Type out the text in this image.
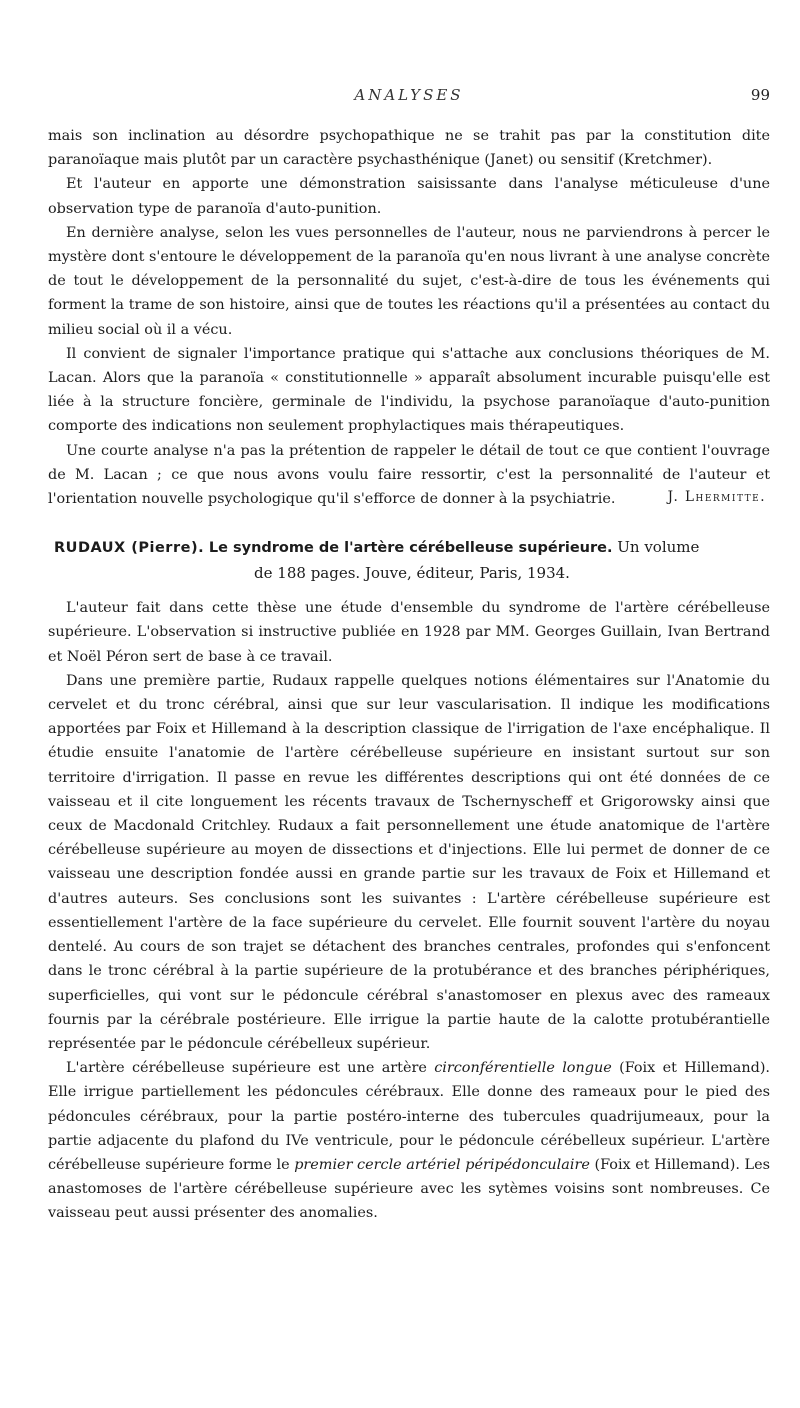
ANALYSES	99

mais son inclination au désordre psychopathique ne se trahit pas par la constitution dite paranoïaque mais plutôt par un caractère psychasthénique (Janet) ou sensitif (Kretchmer).

Et l'auteur en apporte une démonstration saisissante dans l'analyse méticuleuse d'une observation type de paranoïa d'auto-punition.

En dernière analyse, selon les vues personnelles de l'auteur, nous ne parviendrons à percer le mystère dont s'entoure le développement de la paranoïa qu'en nous livrant à une analyse concrète de tout le développement de la personnalité du sujet, c'est-à-dire de tous les événements qui forment la trame de son histoire, ainsi que de toutes les réactions qu'il a présentées au contact du milieu social où il a vécu.

Il convient de signaler l'importance pratique qui s'attache aux conclusions théoriques de M. Lacan. Alors que la paranoïa « constitutionnelle » apparaît absolument incurable puisqu'elle est liée à la structure foncière, germinale de l'individu, la psychose paranoïaque d'auto-punition comporte des indications non seulement prophylactiques mais thérapeutiques.

Une courte analyse n'a pas la prétention de rappeler le détail de tout ce que contient l'ouvrage de M. Lacan ; ce que nous avons voulu faire ressortir, c'est la personnalité de l'auteur et l'orientation nouvelle psychologique qu'il s'efforce de donner à la psychiatrie.	J. Lhermitte.

RUDAUX (Pierre). Le syndrome de l'artère cérébelleuse supérieure. Un volume
de 188 pages. Jouve, éditeur, Paris, 1934.

L'auteur fait dans cette thèse une étude d'ensemble du syndrome de l'artère cérébelleuse supérieure. L'observation si instructive publiée en 1928 par MM. Georges Guillain, Ivan Bertrand et Noël Péron sert de base à ce travail.

Dans une première partie, Rudaux rappelle quelques notions élémentaires sur l'Anatomie du cervelet et du tronc cérébral, ainsi que sur leur vascularisation. Il indique les modifications apportées par Foix et Hillemand à la description classique de l'irrigation de l'axe encéphalique. Il étudie ensuite l'anatomie de l'artère cérébelleuse supérieure en insistant surtout sur son territoire d'irrigation. Il passe en revue les différentes descriptions qui ont été données de ce vaisseau et il cite longuement les récents travaux de Tschernyscheff et Grigorowsky ainsi que ceux de Macdonald Critchley. Rudaux a fait personnellement une étude anatomique de l'artère cérébelleuse supérieure au moyen de dissections et d'injections. Elle lui permet de donner de ce vaisseau une description fondée aussi en grande partie sur les travaux de Foix et Hillemand et d'autres auteurs. Ses conclusions sont les suivantes : L'artère cérébelleuse supérieure est essentiellement l'artère de la face supérieure du cervelet. Elle fournit souvent l'artère du noyau dentelé. Au cours de son trajet se détachent des branches centrales, profondes qui s'enfoncent dans le tronc cérébral à la partie supérieure de la protubérance et des branches périphériques, superficielles, qui vont sur le pédoncule cérébral s'anastomoser en plexus avec des rameaux fournis par la cérébrale postérieure. Elle irrigue la partie haute de la calotte protubérantielle représentée par le pédoncule cérébelleux supérieur.

L'artère cérébelleuse supérieure est une artère circonférentielle longue (Foix et Hillemand). Elle irrigue partiellement les pédoncules cérébraux. Elle donne des rameaux pour le pied des pédoncules cérébraux, pour la partie postéro-interne des tubercules quadrijumeaux, pour la partie adjacente du plafond du IVe ventricule, pour le pédoncule cérébelleux supérieur. L'artère cérébelleuse supérieure forme le premier cercle artériel péripédonculaire (Foix et Hillemand). Les anastomoses de l'artère cérébelleuse supérieure avec les sytèmes voisins sont nombreuses. Ce vaisseau peut aussi présenter des anomalies.
